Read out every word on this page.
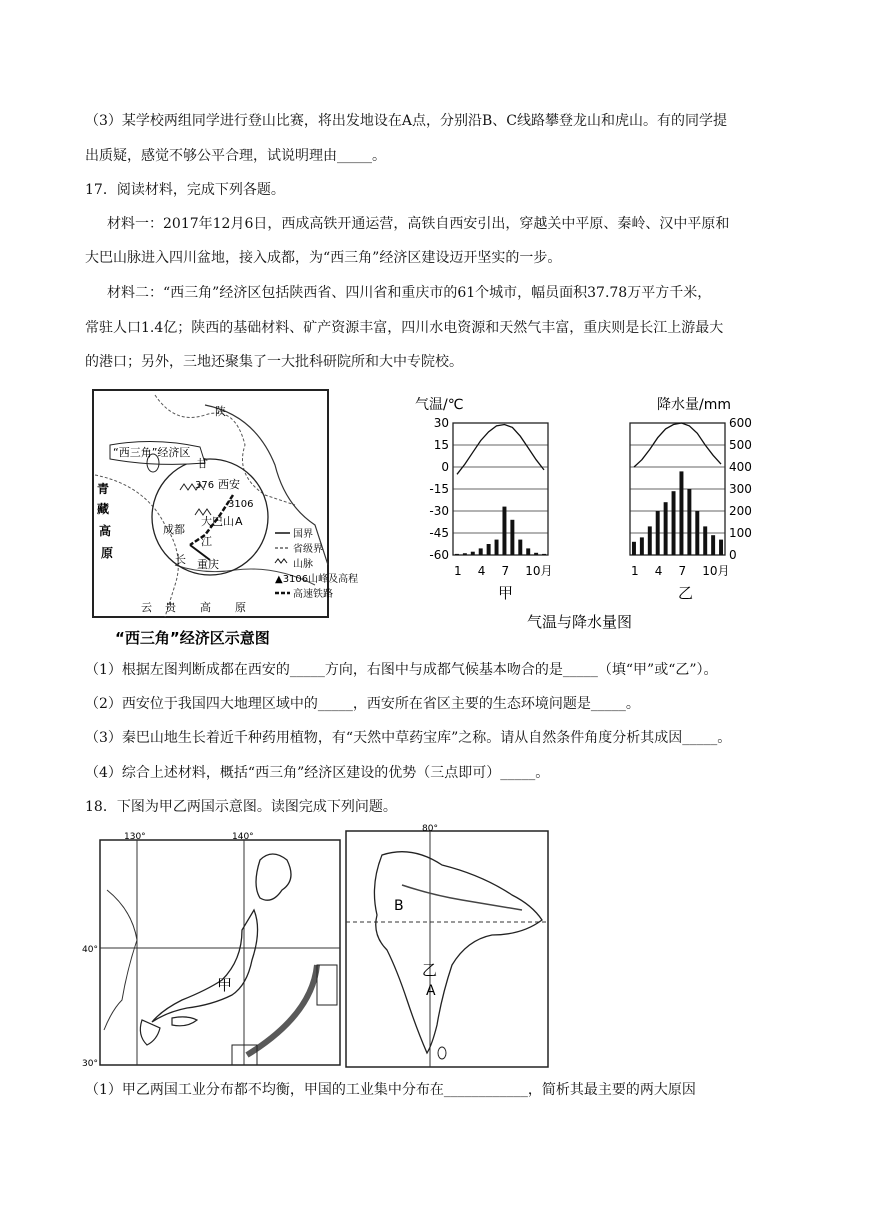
（3）某学校两组同学进行登山比赛，将出发地设在A点，分别沿B、C线路攀登龙山和虎山。有的同学提
出质疑，感觉不够公平合理，试说明理由_____。
17．阅读材料，完成下列各题。
材料一：2017年12月6日，西成高铁开通运营，高铁自西安引出，穿越关中平原、秦岭、汉中平原和
大巴山脉进入四川盆地，接入成都，为“西三角”经济区建设迈开坚实的一步。
材料二：“西三角”经济区包括陕西省、四川省和重庆市的61个城市，幅员面积37.78万平方千米，
常驻人口1.4亿；陕西的基础材料、矿产资源丰富，四川水电资源和天然气丰富，重庆则是长江上游最大
的港口；另外，三地还聚集了一大批科研院所和大中专院校。
“西三角”经济区
青
藏
高
原
陕
甘
西安
成都
重庆
长
江
云 贵 高 原
大巴山
376
3106
A
国界
省级界
山脉
▲3106山峰及高程
高速铁路
“西三角”经济区示意图
气温/℃	降水量/mm
30
15
0
-15
-30
-45
-60
1 4 7 10月
600
500
400
300
200
100
0
1 4 7 10月
甲	乙
气温与降水量图
（1）根据左图判断成都在西安的_____方向，右图中与成都气候基本吻合的是_____（填“甲”或“乙”）。
（2）西安位于我国四大地理区域中的_____，西安所在省区主要的生态环境问题是_____。
（3）秦巴山地生长着近千种药用植物，有“天然中草药宝库”之称。请从自然条件角度分析其成因_____。
（4）综合上述材料，概括“西三角”经济区建设的优势（三点即可）_____。
18．下图为甲乙两国示意图。读图完成下列问题。
130°	140°
40°
30°
甲
80°
B
乙
A
（1）甲乙两国工业分布都不均衡，甲国的工业集中分布在____________，简析其最主要的两大原因
